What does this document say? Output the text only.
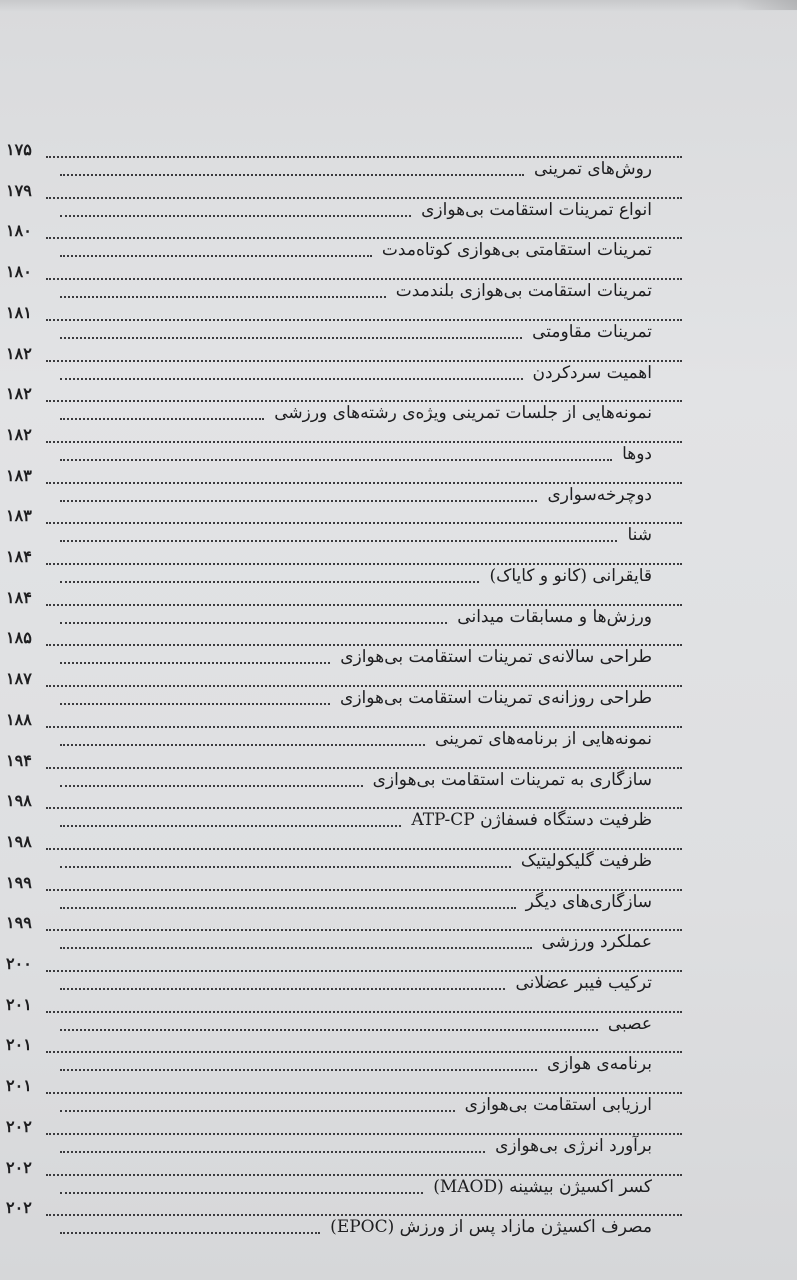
۱۷۵
روش‌های تمرینی
۱۷۹
انواع تمرینات استقامت بی‌هوازی
۱۸۰
تمرینات استقامتی بی‌هوازی کوتاه‌مدت
۱۸۰
تمرینات استقامت بی‌هوازی بلندمدت
۱۸۱
تمرینات مقاومتی
۱۸۲
اهمیت سردکردن
۱۸۲
نمونه‌هایی از جلسات تمرینی ویژه‌ی رشته‌های ورزشی
۱۸۲
دوها
۱۸۳
دوچرخه‌سواری
۱۸۳
شنا
۱۸۴
قایقرانی (کانو و کایاک)
۱۸۴
ورزش‌ها و مسابقات میدانی
۱۸۵
طراحی سالانه‌ی تمرینات استقامت بی‌هوازی
۱۸۷
طراحی روزانه‌ی تمرینات استقامت بی‌هوازی
۱۸۸
نمونه‌هایی از برنامه‌های تمرینی
۱۹۴
سازگاری به تمرینات استقامت بی‌هوازی
۱۹۸
ظرفیت دستگاه فسفاژن ATP-CP
۱۹۸
ظرفیت گلیکولیتیک
۱۹۹
سازگاری‌های دیگر
۱۹۹
عملکرد ورزشی
۲۰۰
ترکیب فیبر عضلانی
۲۰۱
عصبی
۲۰۱
برنامه‌ی هوازی
۲۰۱
ارزیابی استقامت بی‌هوازی
۲۰۲
برآورد انرژی بی‌هوازی
۲۰۲
کسر اکسیژن بیشینه (MAOD)
۲۰۲
مصرف اکسیژن مازاد پس از ورزش (EPOC)
